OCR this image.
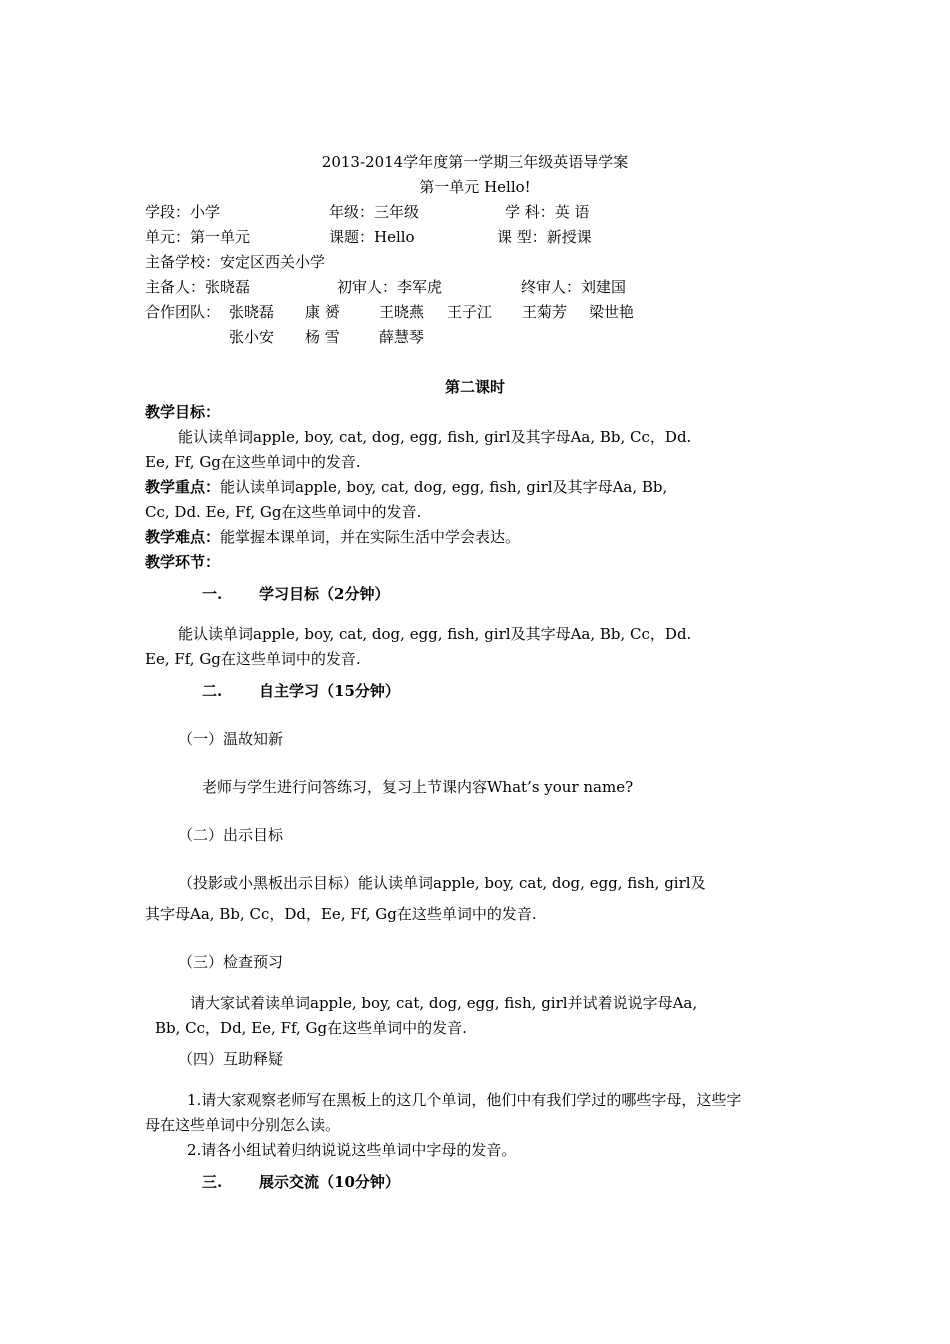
2013-2014学年度第一学期三年级英语导学案
第一单元 Hello!
学段：小学	年级：三年级	学 科：英 语
单元：第一单元	课题：Hello	课 型：新授课
主备学校：安定区西关小学
主备人：张晓磊	初审人：李军虎	终审人：刘建国
合作团队： 张晓磊 康 赟	王晓燕 王子江 王菊芳 梁世艳
张小安 杨 雪	薛慧琴
第二课时
教学目标：
能认读单词apple, boy, cat, dog, egg, fish, girl及其字母Aa, Bb, Cc，Dd.
Ee, Ff, Gg在这些单词中的发音.
教学重点：能认读单词apple, boy, cat, dog, egg, fish, girl及其字母Aa, Bb,
Cc, Dd. Ee, Ff, Gg在这些单词中的发音.
教学难点：能掌握本课单词，并在实际生活中学会表达。
教学环节：
一. 学习目标（2分钟）
能认读单词apple, boy, cat, dog, egg, fish, girl及其字母Aa, Bb, Cc，Dd.
Ee, Ff, Gg在这些单词中的发音.
二. 自主学习（15分钟）
（一）温故知新
老师与学生进行问答练习，复习上节课内容What’s your name?
（二）出示目标
（投影或小黑板出示目标）能认读单词apple, boy, cat, dog, egg, fish, girl及
其字母Aa, Bb, Cc，Dd，Ee, Ff, Gg在这些单词中的发音.
（三）检查预习
请大家试着读单词apple, boy, cat, dog, egg, fish, girl并试着说说字母Aa,
Bb, Cc，Dd, Ee, Ff, Gg在这些单词中的发音.
（四）互助释疑
1.请大家观察老师写在黑板上的这几个单词，他们中有我们学过的哪些字母，这些字
母在这些单词中分别怎么读。
2.请各小组试着归纳说说这些单词中字母的发音。
三. 展示交流（10分钟）
